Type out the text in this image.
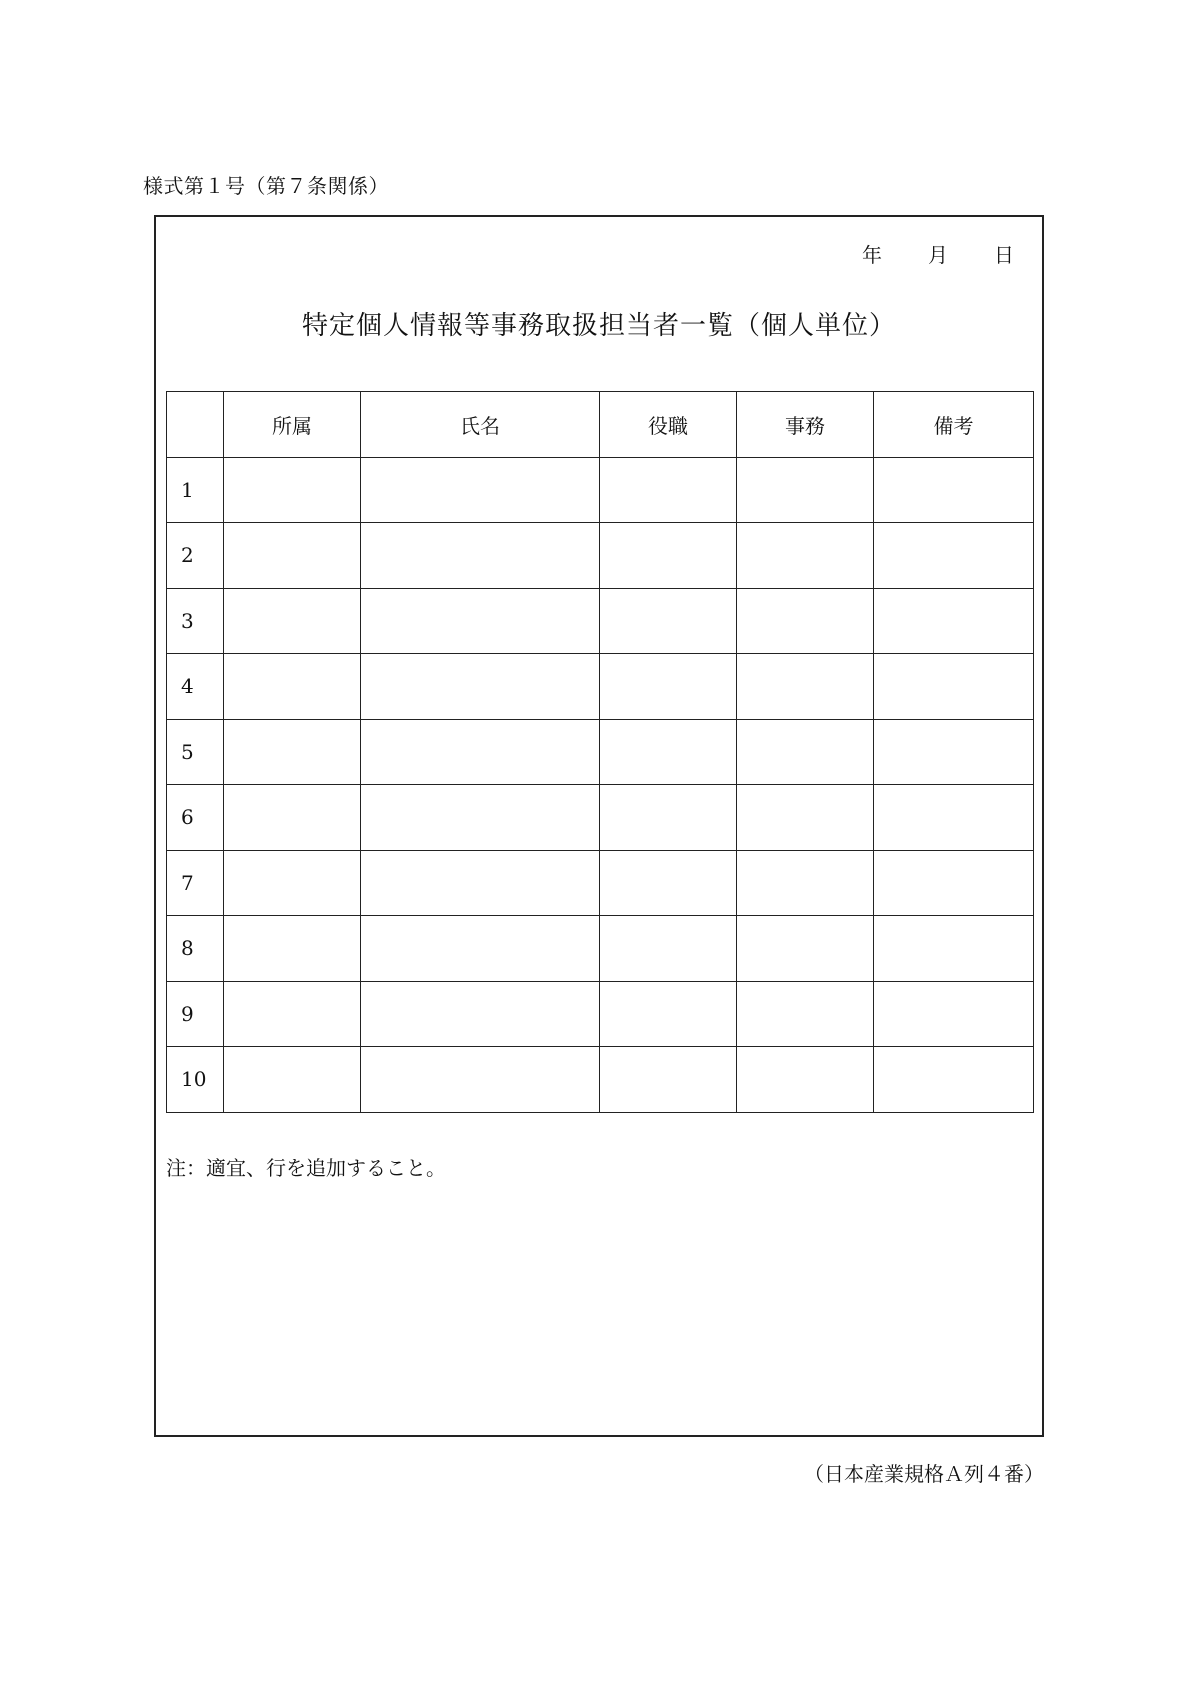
様式第１号（第７条関係）
年 月 日
特定個人情報等事務取扱担当者一覧（個人単位）
	所属	氏名	役職	事務	備考
1					
2					
3					
4					
5					
6					
7					
8					
9					
10					
注：適宜、行を追加すること。
（日本産業規格Ａ列４番）
